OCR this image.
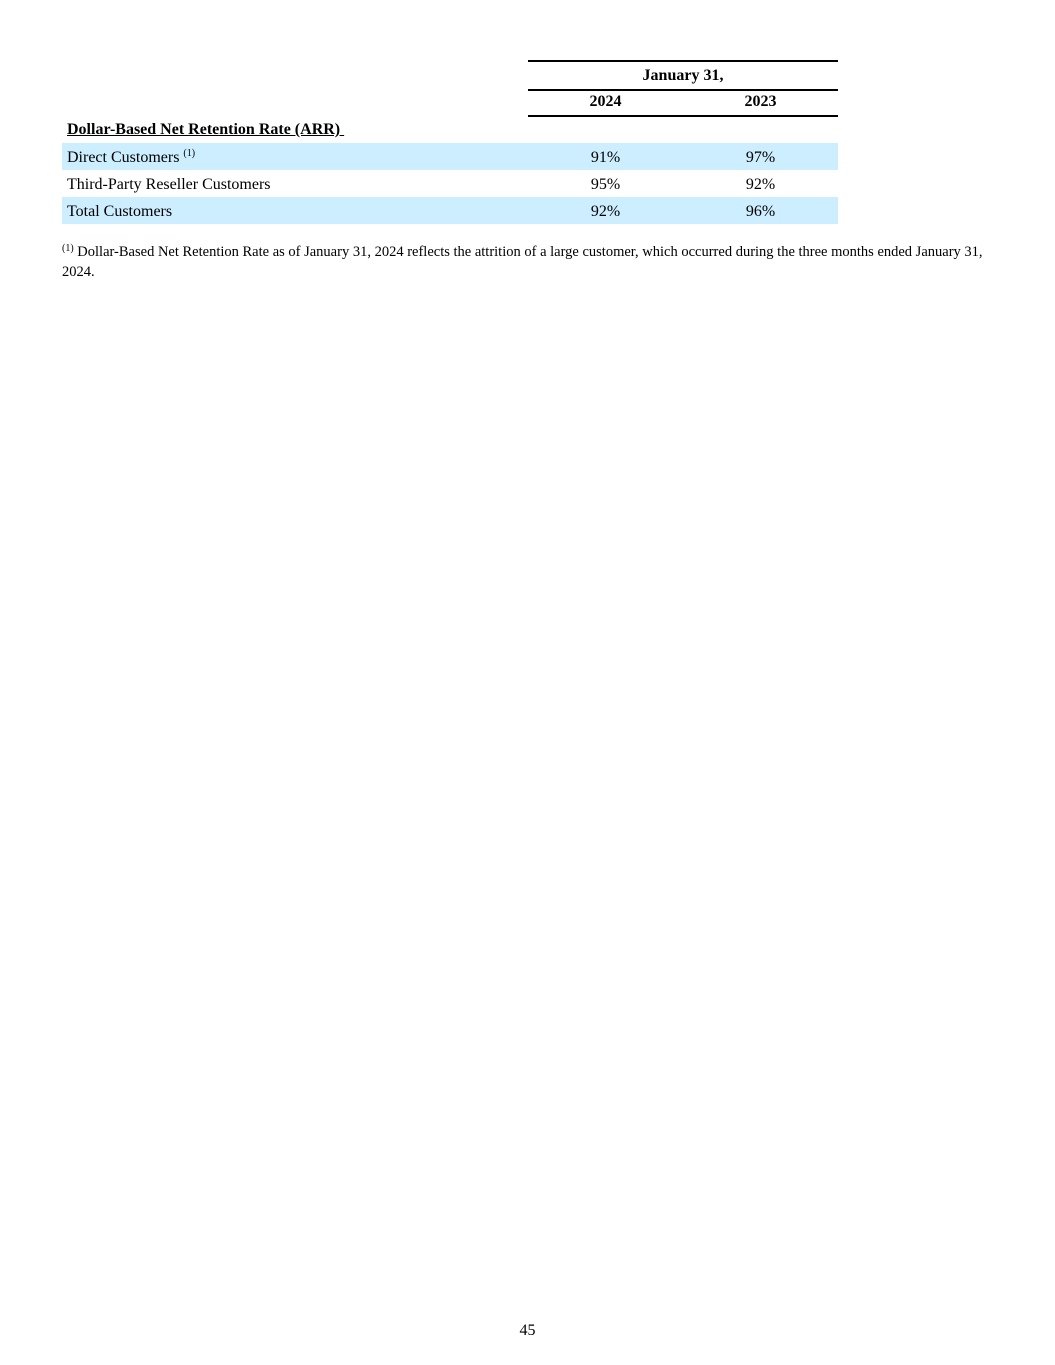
January 31,
2024	2023
Dollar-Based Net Retention Rate (ARR)
Direct Customers $^{(1)}$	91%	97%
Third-Party Reseller Customers	95%	92%
Total Customers	92%	96%
$^{(1)}$ Dollar-Based Net Retention Rate as of January 31, 2024 reflects the attrition of a large customer, which occurred during the three months ended January 31, 2024.
45
